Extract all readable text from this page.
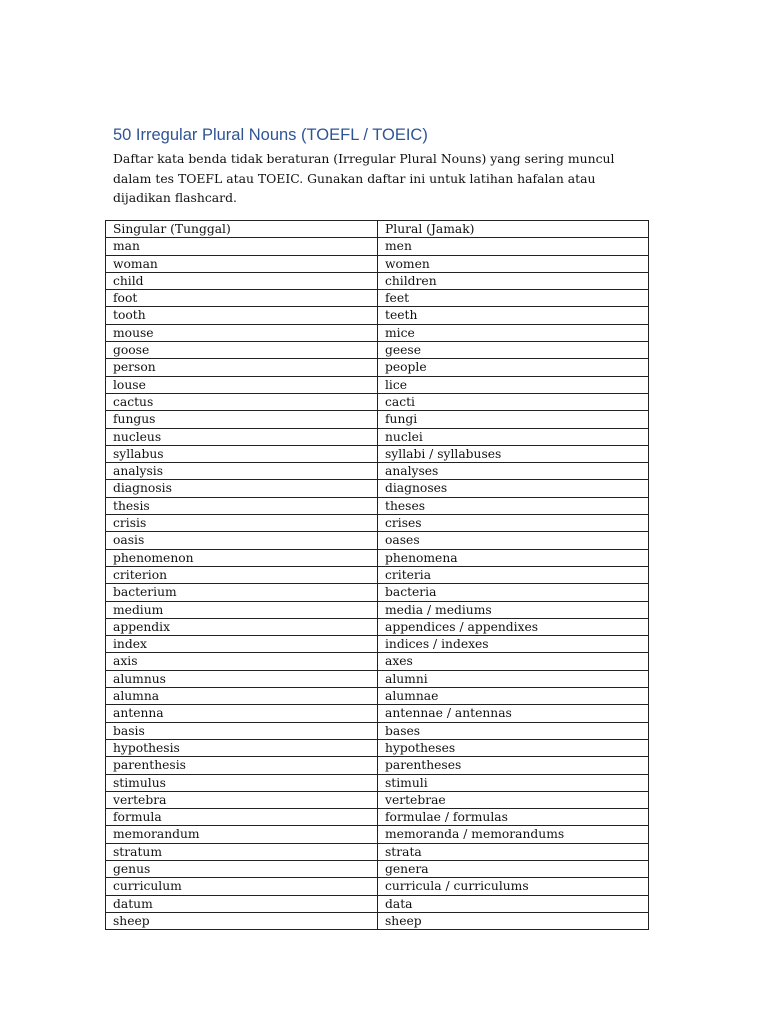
50 Irregular Plural Nouns (TOEFL / TOEIC)

Daftar kata benda tidak beraturan (Irregular Plural Nouns) yang sering muncul dalam tes TOEFL atau TOEIC. Gunakan daftar ini untuk latihan hafalan atau dijadikan flashcard.

Singular (Tunggal)	Plural (Jamak)
man	men
woman	women
child	children
foot	feet
tooth	teeth
mouse	mice
goose	geese
person	people
louse	lice
cactus	cacti
fungus	fungi
nucleus	nuclei
syllabus	syllabi / syllabuses
analysis	analyses
diagnosis	diagnoses
thesis	theses
crisis	crises
oasis	oases
phenomenon	phenomena
criterion	criteria
bacterium	bacteria
medium	media / mediums
appendix	appendices / appendixes
index	indices / indexes
axis	axes
alumnus	alumni
alumna	alumnae
antenna	antennae / antennas
basis	bases
hypothesis	hypotheses
parenthesis	parentheses
stimulus	stimuli
vertebra	vertebrae
formula	formulae / formulas
memorandum	memoranda / memorandums
stratum	strata
genus	genera
curriculum	curricula / curriculums
datum	data
sheep	sheep
